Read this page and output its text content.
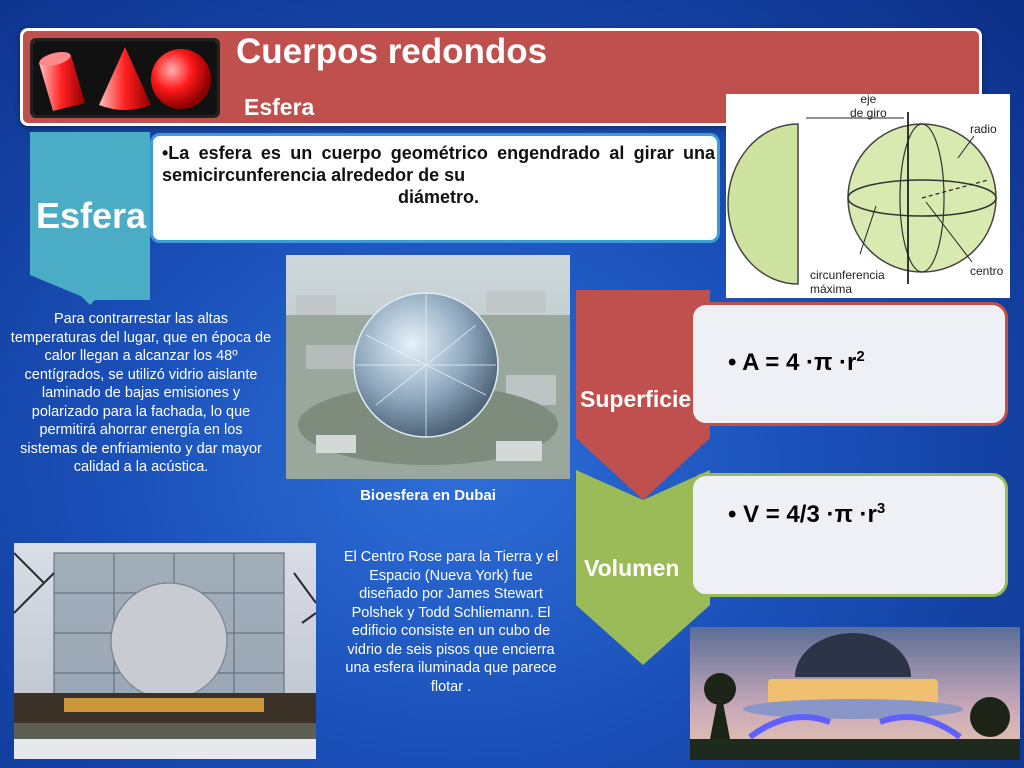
Cuerpos redondos
Esfera
•La esfera es un cuerpo geométrico engendrado al girar una semicircunferencia alrededor de su
diámetro.
Esfera
eje
de giro
radio
circunferencia
máxima
centro
Para contrarrestar las altas temperaturas del lugar, que en época de calor llegan a alcanzar los 48º centígrados, se utilizó vidrio aislante laminado de bajas emisiones y polarizado para la fachada, lo que permitirá ahorrar energía en los sistemas de enfriamiento y dar mayor calidad a la acústica.
Bioesfera en Dubai
El Centro Rose para la Tierra y el Espacio (Nueva York) fue diseñado por James Stewart Polshek y Todd Schliemann. El edificio consiste en un cubo de vidrio de seis pisos que encierra una esfera iluminada que parece flotar .
• $A = 4 \cdot\pi \cdot r^2$
Superficie
• $V = 4/3 \cdot\pi \cdot r^3$
Volumen
